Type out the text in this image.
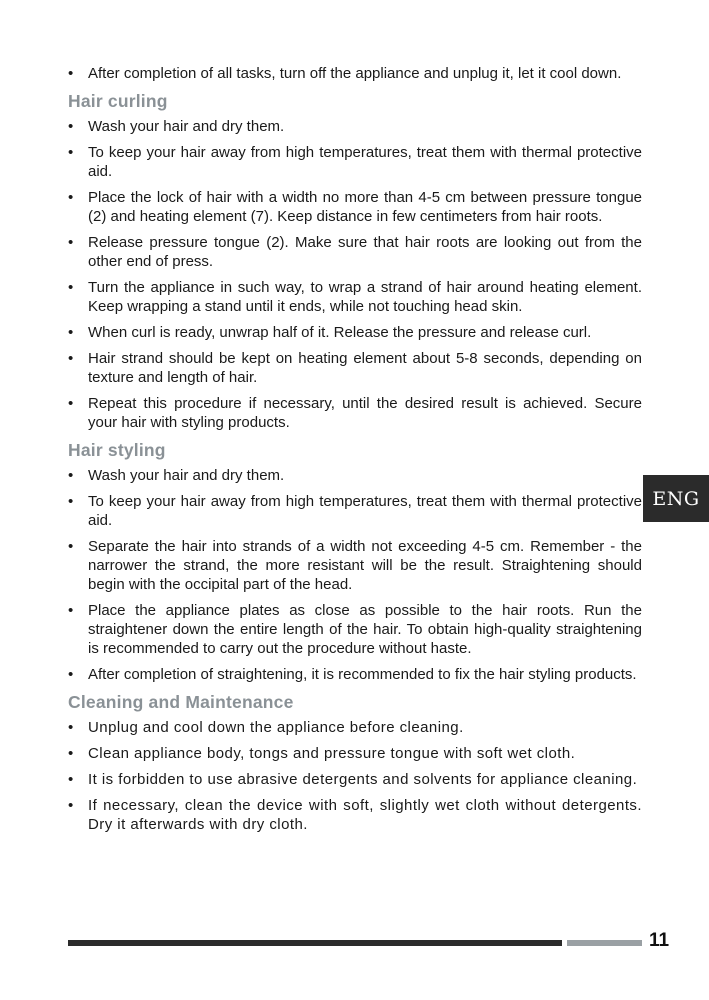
• After completion of all tasks, turn off the appliance and unplug it, let it cool down.
Hair curling
• Wash your hair and dry them.
• To keep your hair away from high temperatures, treat them with thermal protective aid.
• Place the lock of hair with a width no more than 4-5 cm between pressure tongue (2) and heating element (7). Keep distance in few centimeters from hair roots.
• Release pressure tongue (2). Make sure that hair roots are looking out from the other end of press.
• Turn the appliance in such way, to wrap a strand of hair around heating element. Keep wrapping a stand until it ends, while not touching head skin.
• When curl is ready, unwrap half of it. Release the pressure and release curl.
• Hair strand should be kept on heating element about 5-8 seconds, depending on texture and length of hair.
• Repeat this procedure if necessary, until the desired result is achieved. Secure your hair with styling products.
Hair styling
• Wash your hair and dry them.
• To keep your hair away from high temperatures, treat them with thermal protective aid.
• Separate the hair into strands of a width not exceeding 4-5 cm. Remember - the narrower the strand, the more resistant will be the result. Straightening should begin with the occipital part of the head.
• Place the appliance plates as close as possible to the hair roots. Run the straightener down the entire length of the hair. To obtain high-quality straightening is recommended to carry out the procedure without haste.
• After completion of straightening, it is recommended to fix the hair styling products.
Cleaning and Maintenance
• Unplug and cool down the appliance before cleaning.
• Clean appliance body, tongs and pressure tongue with soft wet cloth.
• It is forbidden to use abrasive detergents and solvents for appliance cleaning.
• If necessary, clean the device with soft, slightly wet cloth without detergents. Dry it afterwards with dry cloth.
ENG
11
